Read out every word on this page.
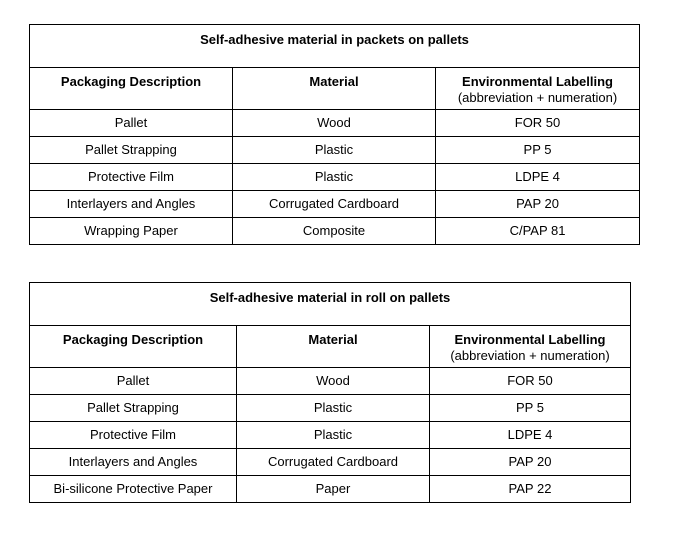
Self-adhesive material in packets on pallets		
Packaging Description	Material	Environmental Labelling
(abbreviation + numeration)

Pallet	Wood	FOR 50
Pallet Strapping	Plastic	PP 5
Protective Film	Plastic	LDPE 4
Interlayers and Angles	Corrugated Cardboard	PAP 20
Wrapping Paper	Composite	C/PAP 81
Self-adhesive material in roll on pallets		
Packaging Description	Material	Environmental Labelling
(abbreviation + numeration)

Pallet	Wood	FOR 50
Pallet Strapping	Plastic	PP 5
Protective Film	Plastic	LDPE 4
Interlayers and Angles	Corrugated Cardboard	PAP 20
Bi-silicone Protective Paper	Paper	PAP 22
